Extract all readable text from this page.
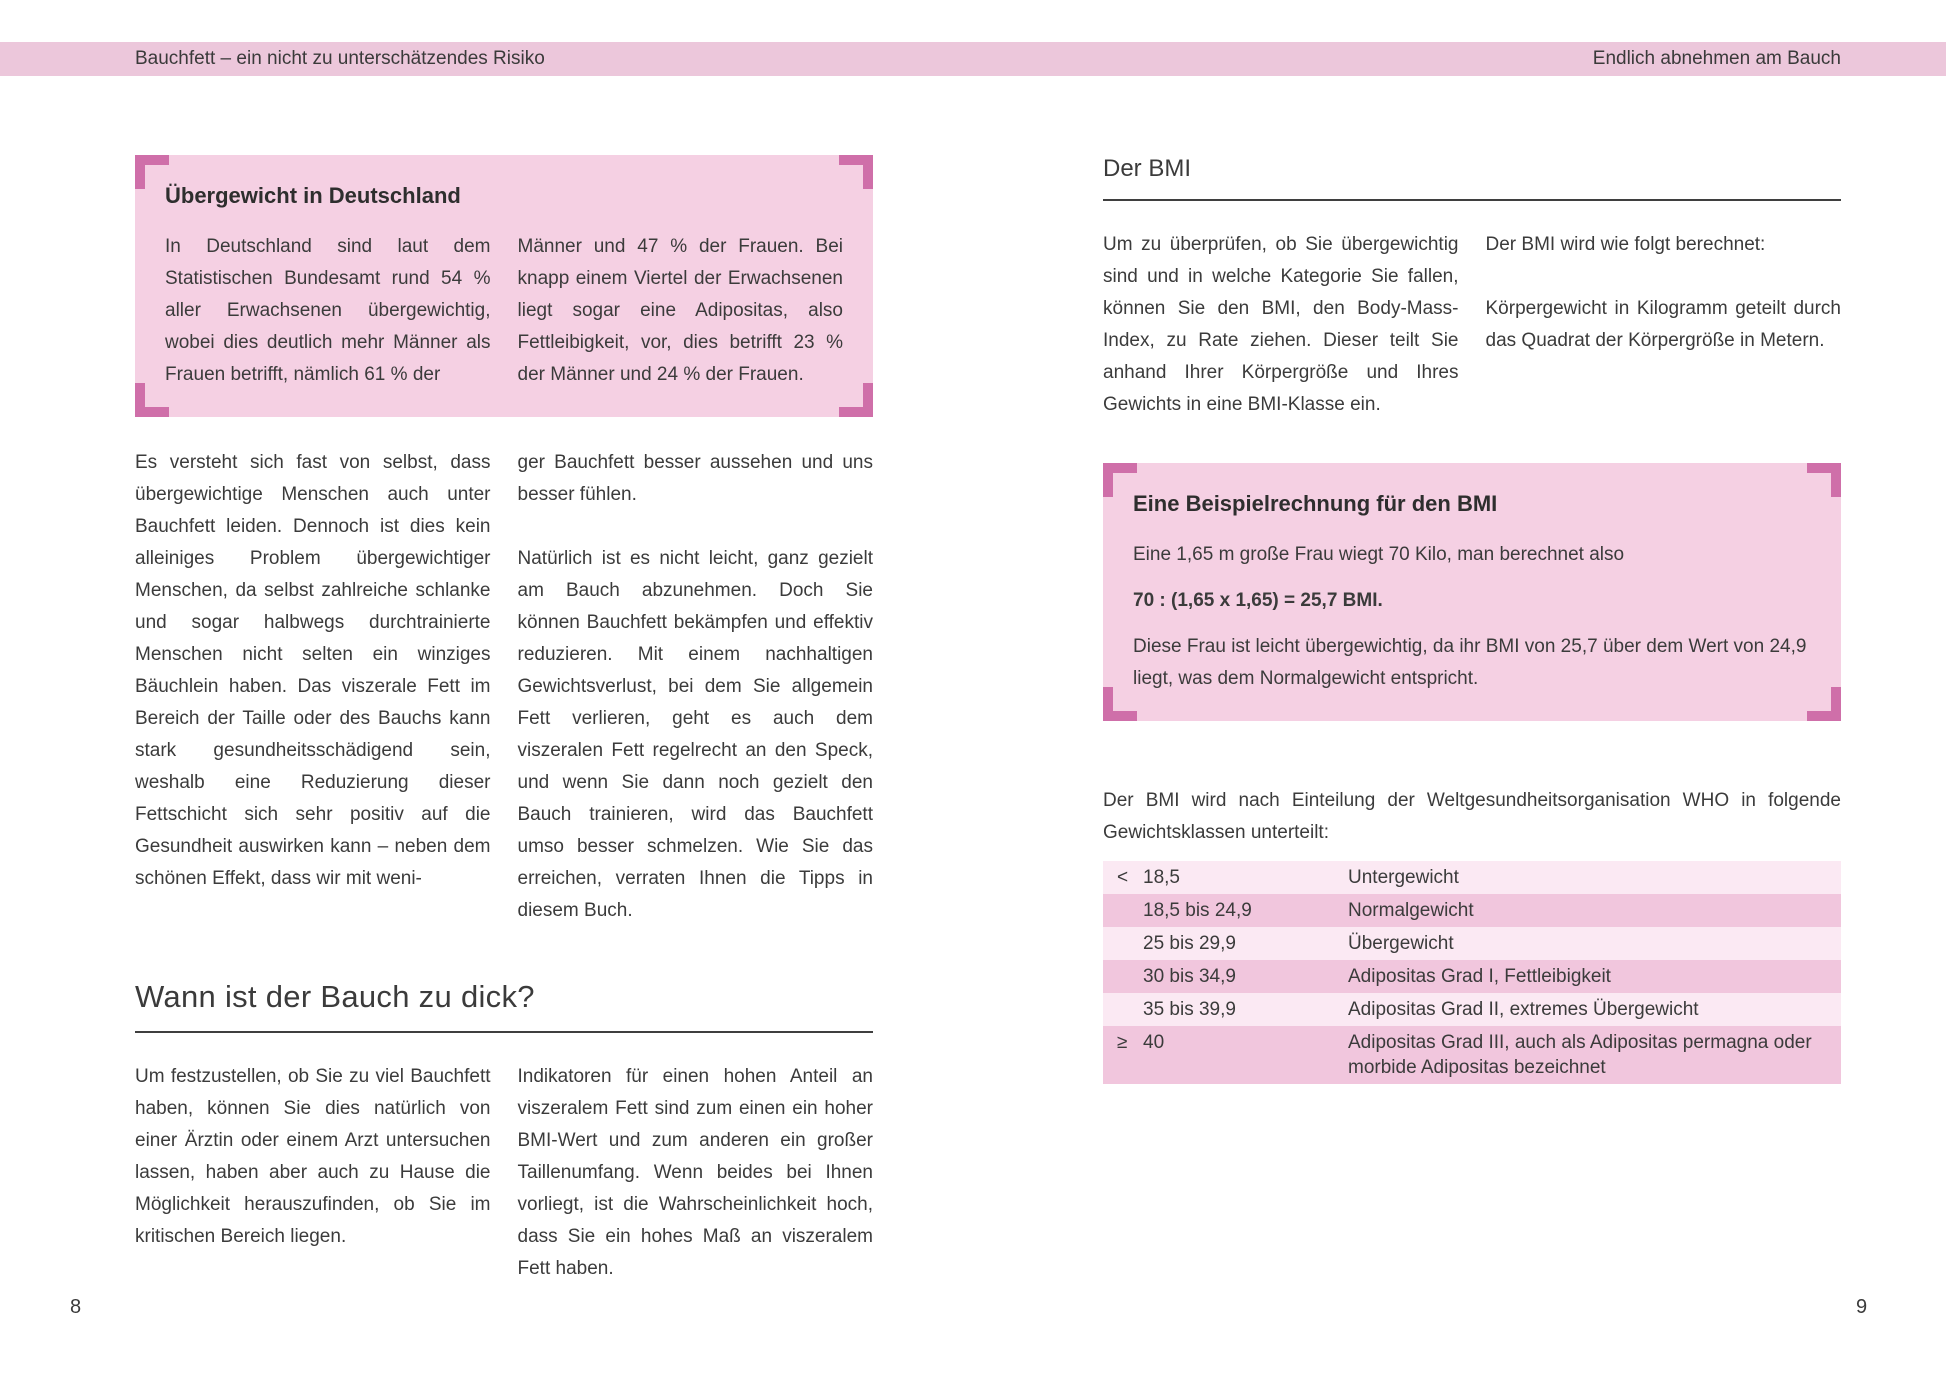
Bauchfett – ein nicht zu unterschätzendes Risiko	Endlich abnehmen am Bauch
Übergewicht in Deutschland

In Deutschland sind laut dem Statistischen Bundesamt rund 54 % aller Erwachsenen übergewichtig, wobei dies deutlich mehr Männer als Frauen betrifft, nämlich 61 % der

Männer und 47 % der Frauen. Bei knapp einem Viertel der Erwachsenen liegt sogar eine Adipositas, also Fettleibigkeit, vor, dies betrifft 23 % der Männer und 24 % der Frauen.

Es versteht sich fast von selbst, dass übergewichtige Menschen auch unter Bauchfett leiden. Dennoch ist dies kein alleiniges Problem übergewichtiger Menschen, da selbst zahlreiche schlanke und sogar halbwegs durchtrainierte Menschen nicht selten ein winziges Bäuchlein haben. Das viszerale Fett im Bereich der Taille oder des Bauchs kann stark gesundheitsschädigend sein, weshalb eine Reduzierung dieser Fettschicht sich sehr positiv auf die Gesundheit auswirken kann – neben dem schönen Effekt, dass wir mit weni-

ger Bauchfett besser aussehen und uns besser fühlen.

Natürlich ist es nicht leicht, ganz gezielt am Bauch abzunehmen. Doch Sie können Bauchfett bekämpfen und effektiv reduzieren. Mit einem nachhaltigen Gewichtsverlust, bei dem Sie allgemein Fett verlieren, geht es auch dem viszeralen Fett regelrecht an den Speck, und wenn Sie dann noch gezielt den Bauch trainieren, wird das Bauchfett umso besser schmelzen. Wie Sie das erreichen, verraten Ihnen die Tipps in diesem Buch.

Wann ist der Bauch zu dick?

Um festzustellen, ob Sie zu viel Bauchfett haben, können Sie dies natürlich von einer Ärztin oder einem Arzt untersuchen lassen, haben aber auch zu Hause die Möglichkeit herauszufinden, ob Sie im kritischen Bereich liegen.

Indikatoren für einen hohen Anteil an viszeralem Fett sind zum einen ein hoher BMI-Wert und zum anderen ein großer Taillenumfang. Wenn beides bei Ihnen vorliegt, ist die Wahrscheinlichkeit hoch, dass Sie ein hohes Maß an viszeralem Fett haben.

Der BMI

Um zu überprüfen, ob Sie übergewichtig sind und in welche Kategorie Sie fallen, können Sie den BMI, den Body-Mass-Index, zu Rate ziehen. Dieser teilt Sie anhand Ihrer Körpergröße und Ihres Gewichts in eine BMI-Klasse ein.

Der BMI wird wie folgt berechnet:

Körpergewicht in Kilogramm geteilt durch das Quadrat der Körpergröße in Metern.

Eine Beispielrechnung für den BMI

Eine 1,65 m große Frau wiegt 70 Kilo, man berechnet also

70 : (1,65 x 1,65) = 25,7 BMI.

Diese Frau ist leicht übergewichtig, da ihr BMI von 25,7 über dem Wert von 24,9 liegt, was dem Normalgewicht entspricht.

Der BMI wird nach Einteilung der Weltgesundheitsorganisation WHO in folgende Gewichtsklassen unterteilt:

< 18,5	Untergewicht
18,5 bis 24,9	Normalgewicht
25 bis 29,9	Übergewicht
30 bis 34,9	Adipositas Grad I, Fettleibigkeit
35 bis 39,9	Adipositas Grad II, extremes Übergewicht
≥ 40	Adipositas Grad III, auch als Adipositas permagna oder morbide Adipositas bezeichnet
8	9
